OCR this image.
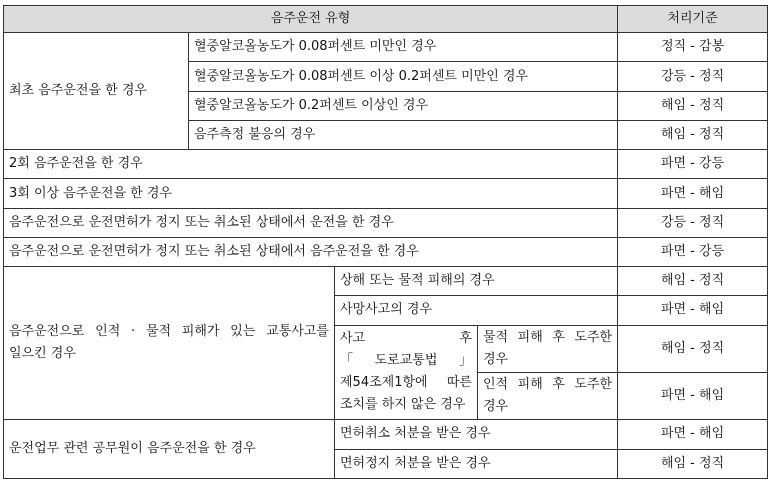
음주운전 유형				처리기준
최초 음주운전을 한 경우	혈중알코올농도가 0.08퍼센트 미만인 경우			정직 - 감봉
	혈중알코올농도가 0.08퍼센트 이상 0.2퍼센트 미만인 경우			강등 - 정직
	혈중알코올농도가 0.2퍼센트 이상인 경우			해임 - 정직
	음주측정 불응의 경우			해임 - 정직
2회 음주운전을 한 경우				파면 - 강등
3회 이상 음주운전을 한 경우				파면 - 해임
음주운전으로 운전면허가 정지 또는 취소된 상태에서 운전을 한 경우				강등 - 정직
음주운전으로 운전면허가 정지 또는 취소된 상태에서 음주운전을 한 경우				파면 - 강등
음주운전으로 인적 · 물적 피해가 있는 교통사고를 일으킨 경우		상해 또는 물적 피해의 경우		해임 - 정직
		사망사고의 경우		파면 - 해임
		사고 후 「도로교통법」 제54조제1항에 따른 조치를 하지 않은 경우	물적 피해 후 도주한 경우	해임 - 정직
			인적 피해 후 도주한 경우	파면 - 해임
운전업무 관련 공무원이 음주운전을 한 경우		면허취소 처분을 받은 경우		파면 - 해임
		면허정지 처분을 받은 경우		해임 - 정직
